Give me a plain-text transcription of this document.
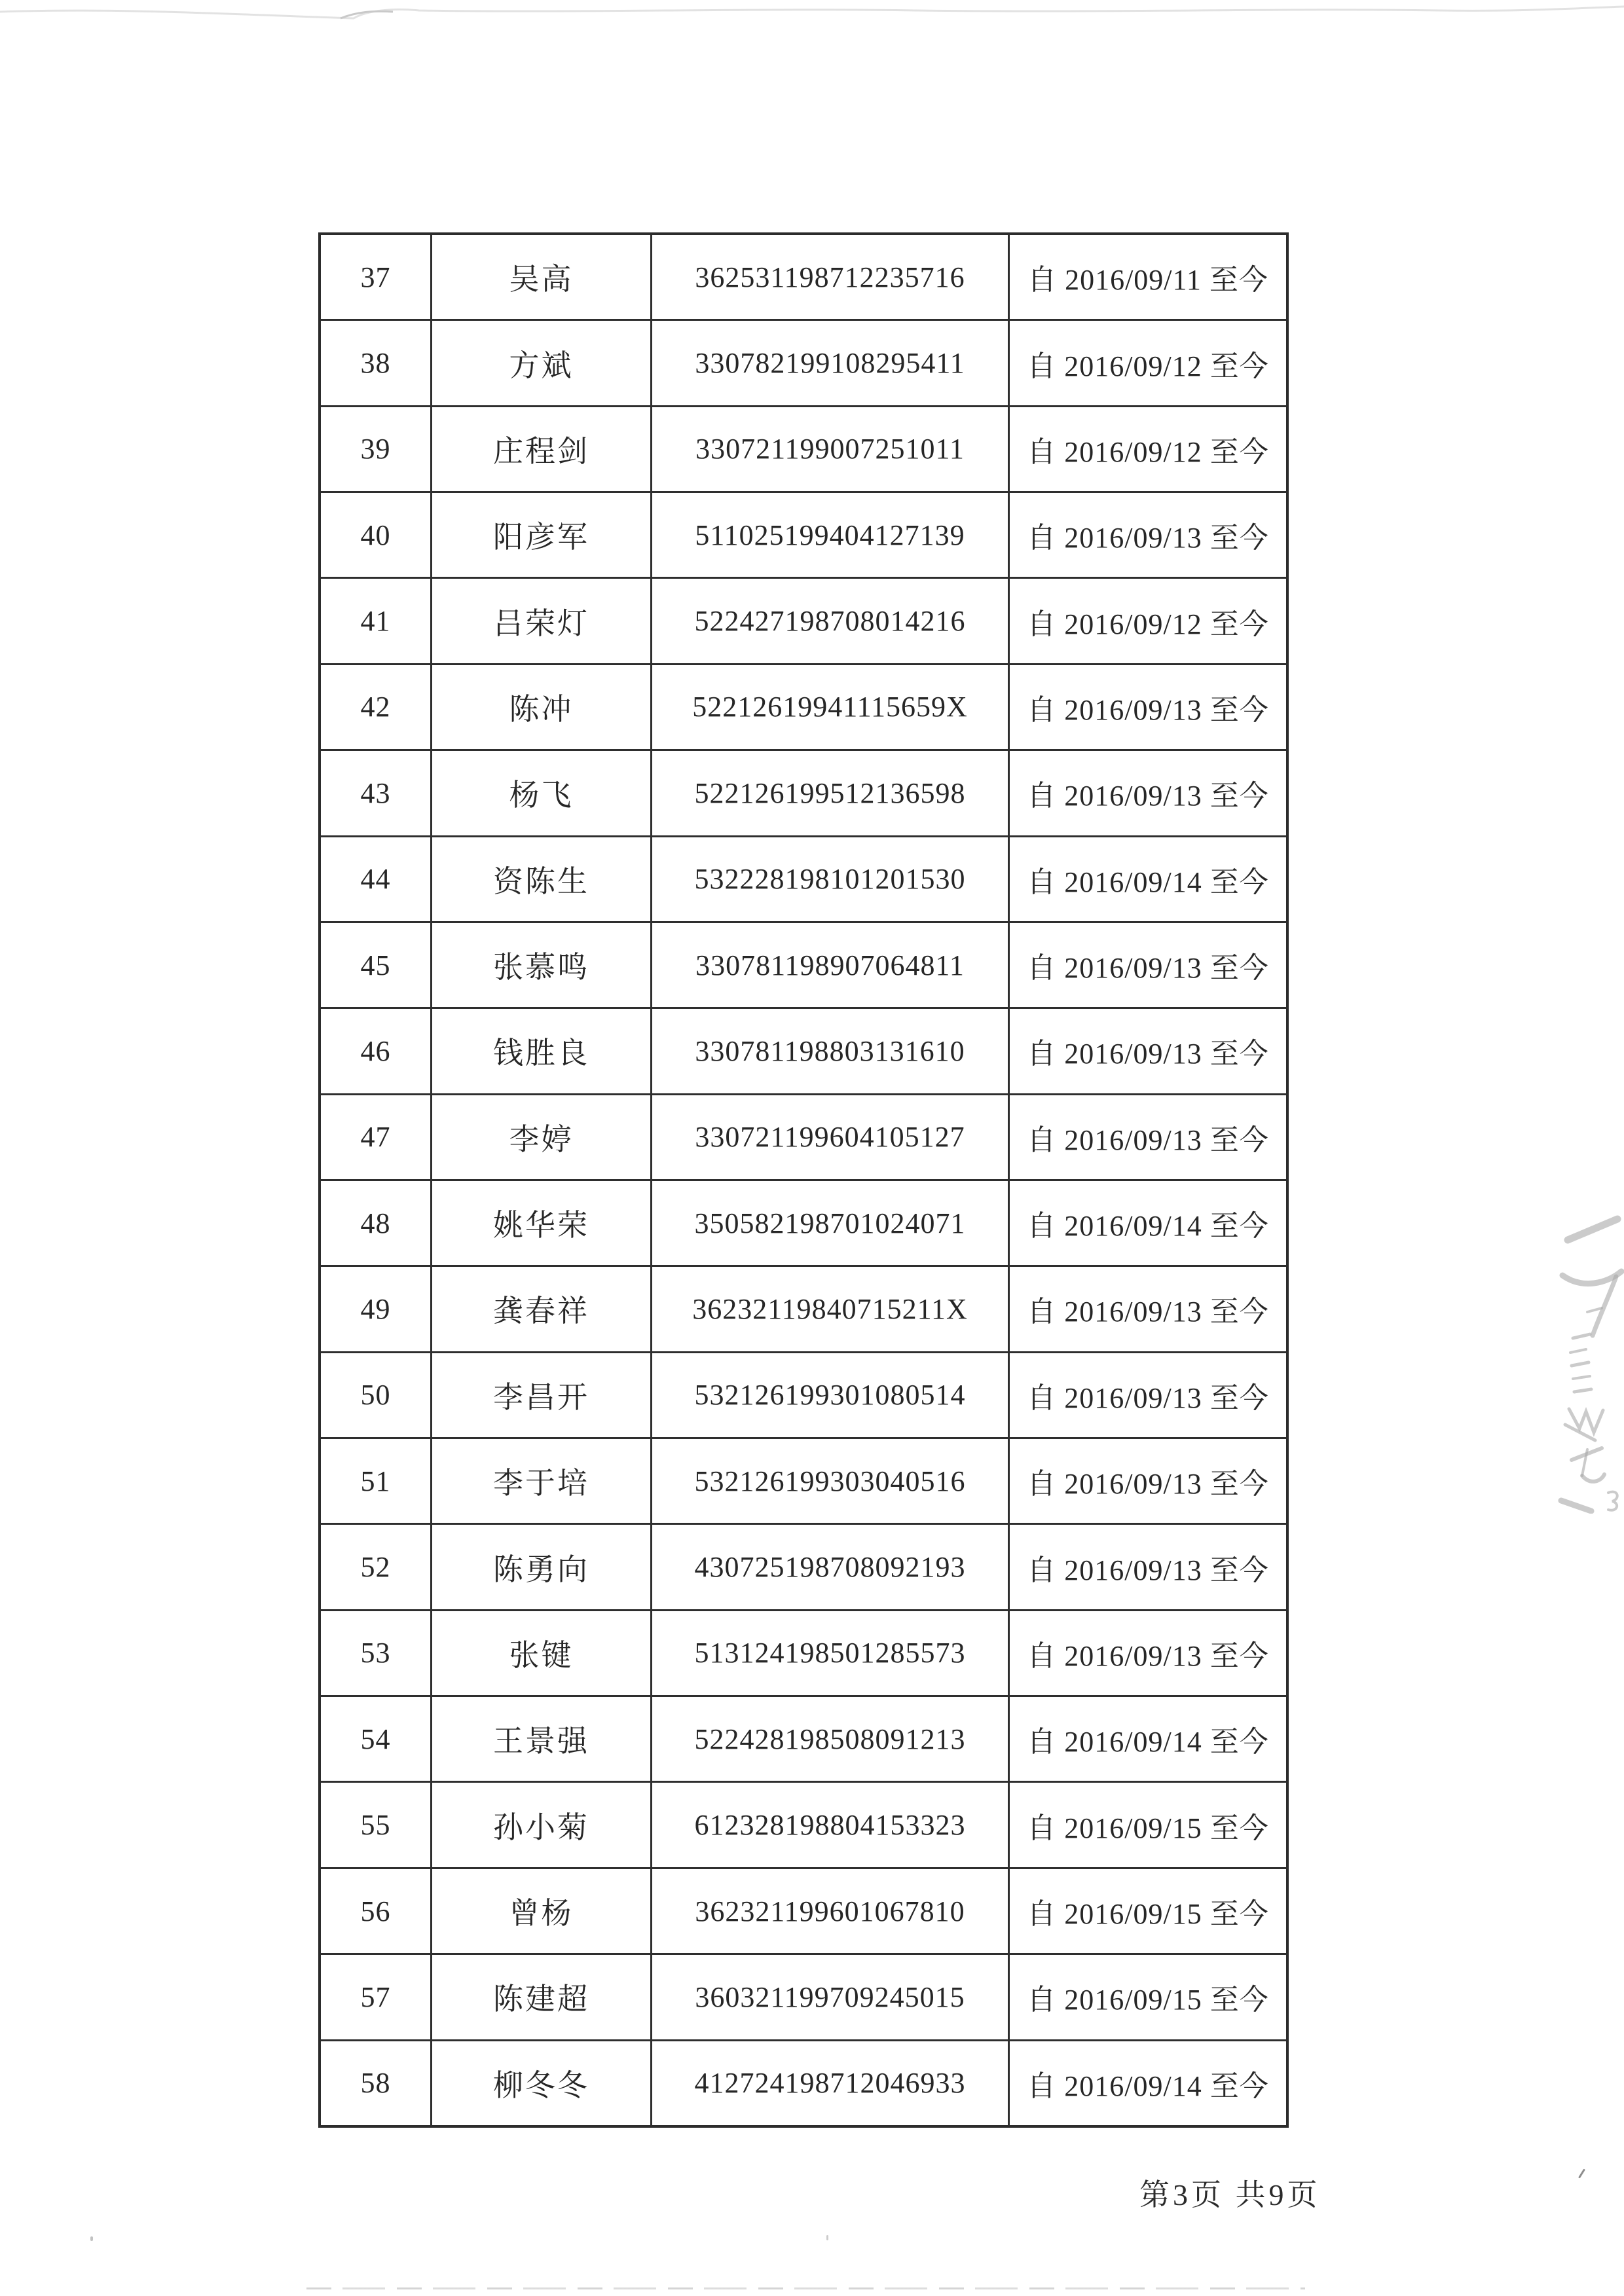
37	吴高	362531198712235716	自 2016/09/11 至今
38	方斌	330782199108295411	自 2016/09/12 至今
39	庄程剑	330721199007251011	自 2016/09/12 至今
40	阳彦军	511025199404127139	自 2016/09/13 至今
41	吕荣灯	522427198708014216	自 2016/09/12 至今
42	陈冲	52212619941115659X	自 2016/09/13 至今
43	杨飞	522126199512136598	自 2016/09/13 至今
44	资陈生	532228198101201530	自 2016/09/14 至今
45	张慕鸣	330781198907064811	自 2016/09/13 至今
46	钱胜良	330781198803131610	自 2016/09/13 至今
47	李婷	330721199604105127	自 2016/09/13 至今
48	姚华荣	350582198701024071	自 2016/09/14 至今
49	龚春祥	36232119840715211X	自 2016/09/13 至今
50	李昌开	532126199301080514	自 2016/09/13 至今
51	李于培	532126199303040516	自 2016/09/13 至今
52	陈勇向	430725198708092193	自 2016/09/13 至今
53	张键	513124198501285573	自 2016/09/13 至今
54	王景强	522428198508091213	自 2016/09/14 至今
55	孙小菊	612328198804153323	自 2016/09/15 至今
56	曾杨	362321199601067810	自 2016/09/15 至今
57	陈建超	360321199709245015	自 2016/09/15 至今
58	柳冬冬	412724198712046933	自 2016/09/14 至今
第3页 共9页
